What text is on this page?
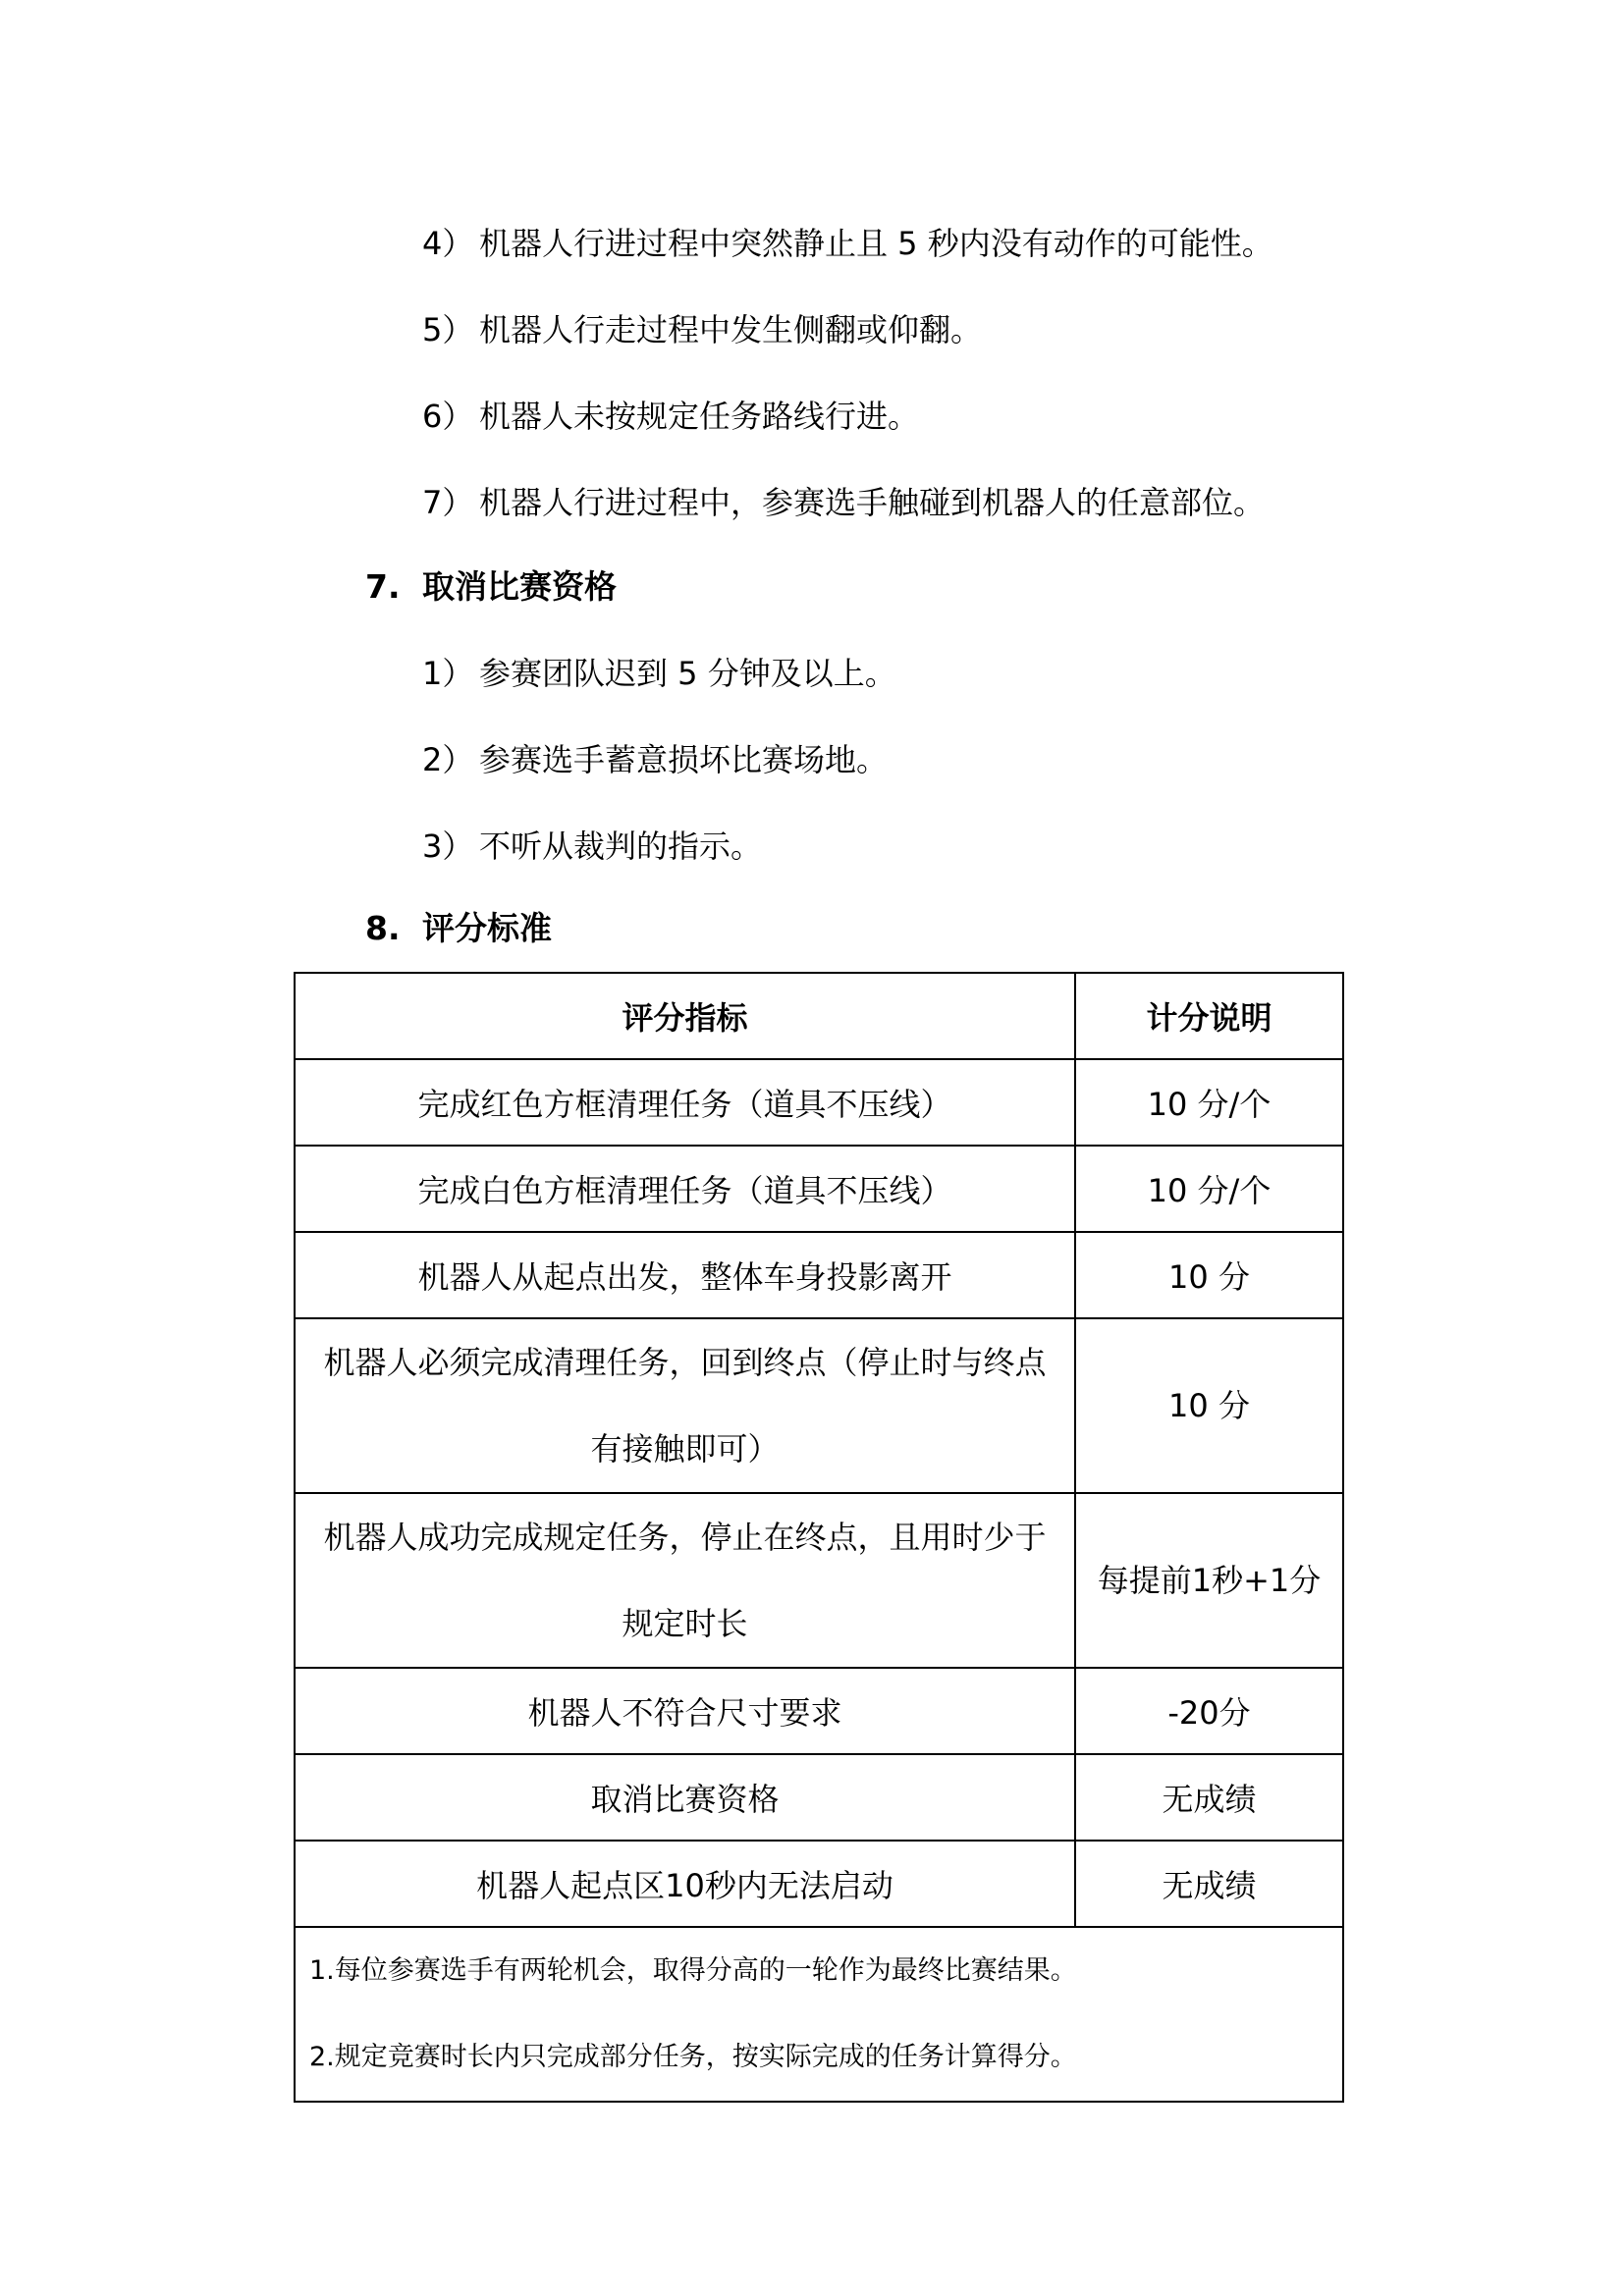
4） 机器人行进过程中突然静止且 5 秒内没有动作的可能性。
5） 机器人行走过程中发生侧翻或仰翻。
6） 机器人未按规定任务路线行进。
7） 机器人行进过程中，参赛选手触碰到机器人的任意部位。
7. 取消比赛资格
1） 参赛团队迟到 5 分钟及以上。
2） 参赛选手蓄意损坏比赛场地。
3） 不听从裁判的指示。
8. 评分标准
评分指标	计分说明
完成红色方框清理任务（道具不压线）	10 分/个
完成白色方框清理任务（道具不压线）	10 分/个
机器人从起点出发，整体车身投影离开	10 分

机器人必须完成清理任务，回到终点（停止时与终点
有接触即可）	10 分

机器人成功完成规定任务，停止在终点，且用时少于
规定时长	每提前1秒+1分
机器人不符合尺寸要求	-20分
取消比赛资格	无成绩
机器人起点区10秒内无法启动	无成绩

1.每位参赛选手有两轮机会，取得分高的一轮作为最终比赛结果。
2.规定竞赛时长内只完成部分任务，按实际完成的任务计算得分。	
